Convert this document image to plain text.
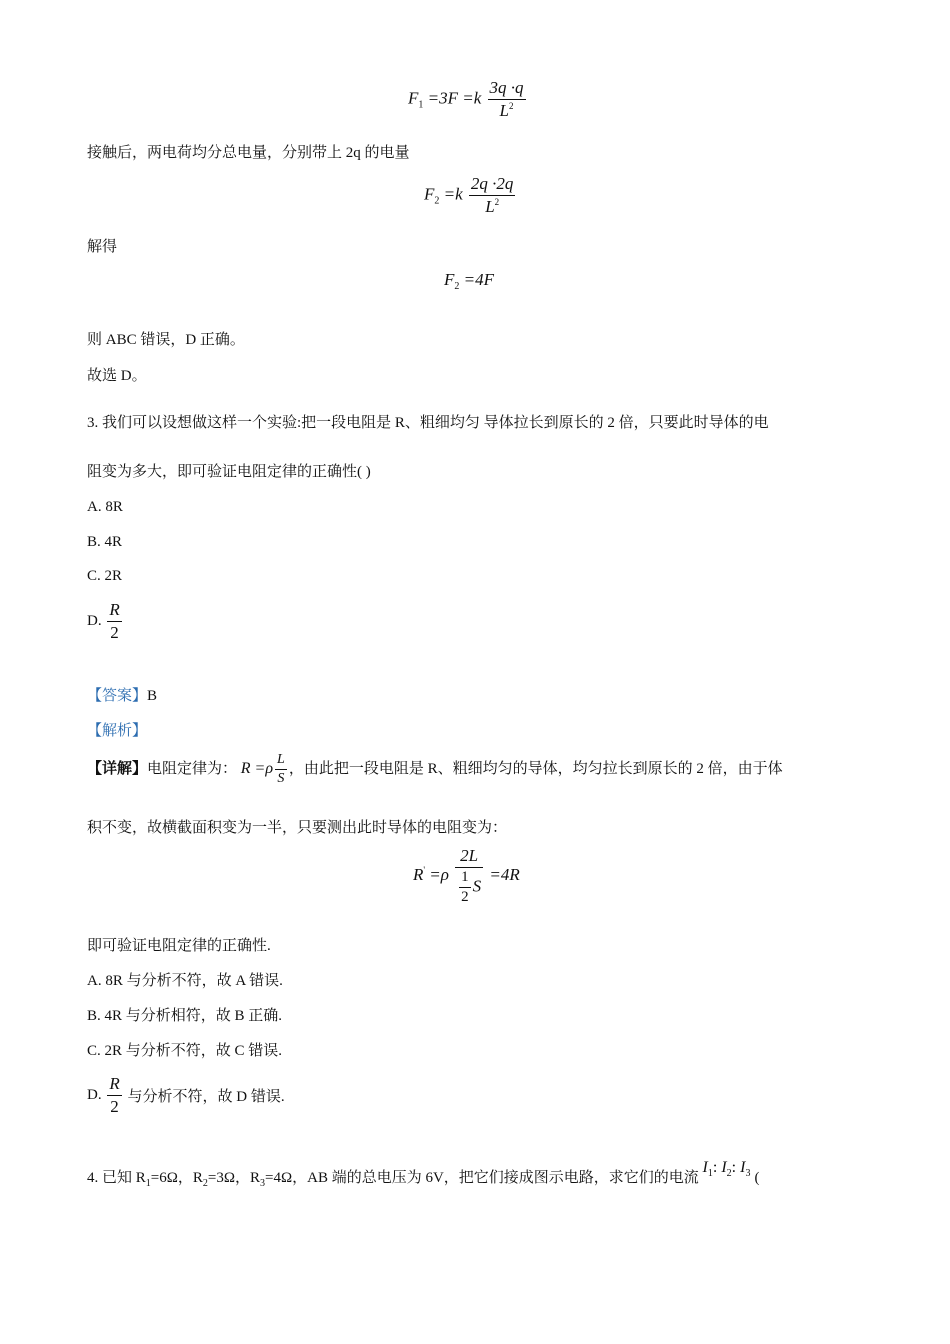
$F_1 =3F =k \frac{3q \cdot q}{L^2}$
接触后，两电荷均分总电量，分别带上 2q 的电量
$F_2 =k \frac{2q \cdot 2q}{L^2}$
解得
$F_2 =4F$
则 ABC 错误，D 正确。
故选 D。
3. 我们可以设想做这样一个实验:把一段电阻是 R、粗细均匀 导体拉长到原长的 2 倍，只要此时导体的电
阻变为多大，即可验证电阻定律的正确性( )
A. 8R
B. 4R
C. 2R
D. $\frac{R}{2}$
【答案】B
【解析】
【详解】电阻定律为： $R =\rho \frac{L}{S}$ ，由此把一段电阻是 R、粗细均匀的导体，均匀拉长到原长的 2 倍，由于体
积不变，故横截面积变为一半，只要测出此时导体的电阻变为：
$R' =\rho \frac{2L}{\frac{1}{2} S} =4R$
即可验证电阻定律的正确性.
A. 8R 与分析不符，故 A 错误.
B. 4R 与分析相符，故 B 正确.
C. 2R 与分析不符，故 C 错误.
D. $\frac{R}{2}$ 与分析不符，故 D 错误.
4. 已知 $R_1=6\Omega$，$R_2=3\Omega$，$R_3=4\Omega$，AB 端的总电压为 6V，把它们接成图示电路，求它们的电流 $I_1$: $I_2$: $I_3$ (
